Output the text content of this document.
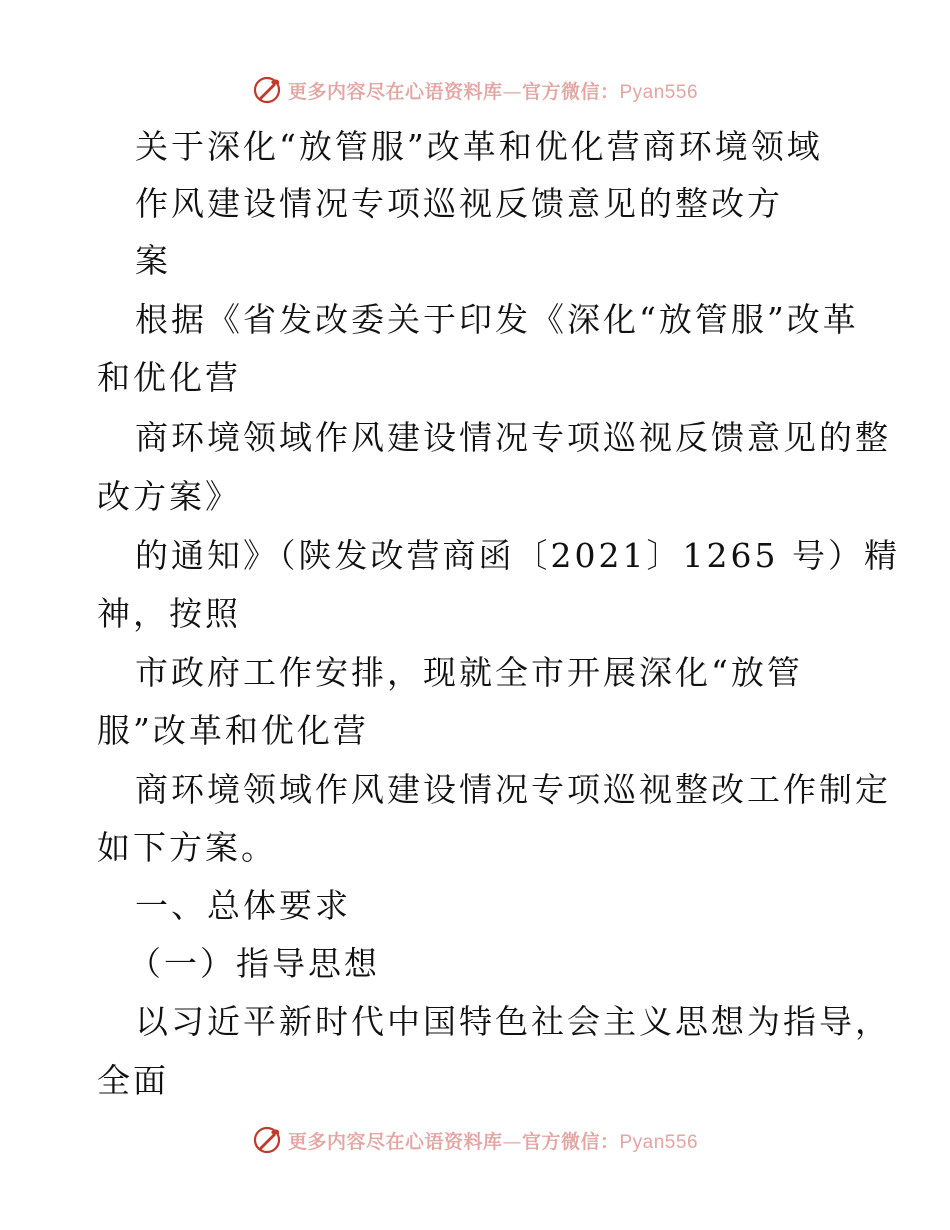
更多内容尽在心语资料库—官方微信：Pyan556
关于深化“放管服”改革和优化营商环境领域
作风建设情况专项巡视反馈意见的整改方
案
根据《省发改委关于印发《深化“放管服”改革
和优化营
商环境领域作风建设情况专项巡视反馈意见的整
改方案》
的通知》（陕发改营商函〔2021〕1265 号）精
神，按照
市政府工作安排，现就全市开展深化“放管
服”改革和优化营
商环境领域作风建设情况专项巡视整改工作制定
如下方案。
一、总体要求
（一）指导思想
以习近平新时代中国特色社会主义思想为指导，
全面
更多内容尽在心语资料库—官方微信：Pyan556
